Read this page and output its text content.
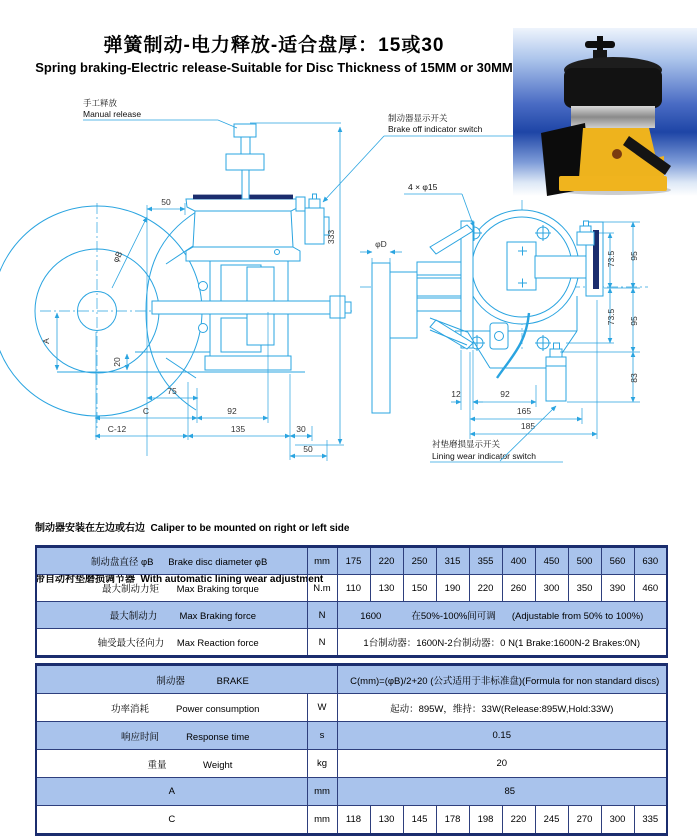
50
φB
333
A
20
75
C	92
C-12	135	30
50
φD
4 × φ15
73.5 95
73.5 95
83
12	92
165
185
手工释放
Manual release	制动器显示开关
Brake off indicator switch
衬垫磨损显示开关
Lining wear indicator switch
弹簧制动-电力释放-适合盘厚：15或30
Spring braking-Electric release-Suitable for Disc Thickness of 15MM or 30MM

制动器安装在左边或右边  Caliper to be mounted on right or left side

带自动衬垫磨损调节器  With automatic lining wear adjustment

制动盘直径 φB Brake disc diameter φB	mm	175	220	250	315	355	400	450	500	560	630
最大制动力矩 Max Braking torque	N.m	110	130	150	190	220	260	300	350	390	460
最大制动力 Max Braking force	N	1600 在50%-100%间可调 (Adjustable from 50% to 100%)									
轴受最大径向力 Max Reaction force	N	1台制动器：1600N-2台制动器：0 N(1 Brake:1600N-2 Brakes:0N)									
制动器 BRAKE		C(mm)=(φB)/2+20 (公式适用于非标准盘)(Formula for non standard discs)									
功率消耗 Power consumption	W	起动：895W，维持：33W(Release:895W,Hold:33W)									
响应时间 Response time	s	0.15									
重量 Weight	kg	20									
A	mm	85									
C	mm	118	130	145	178	198	220	245	270	300	335
